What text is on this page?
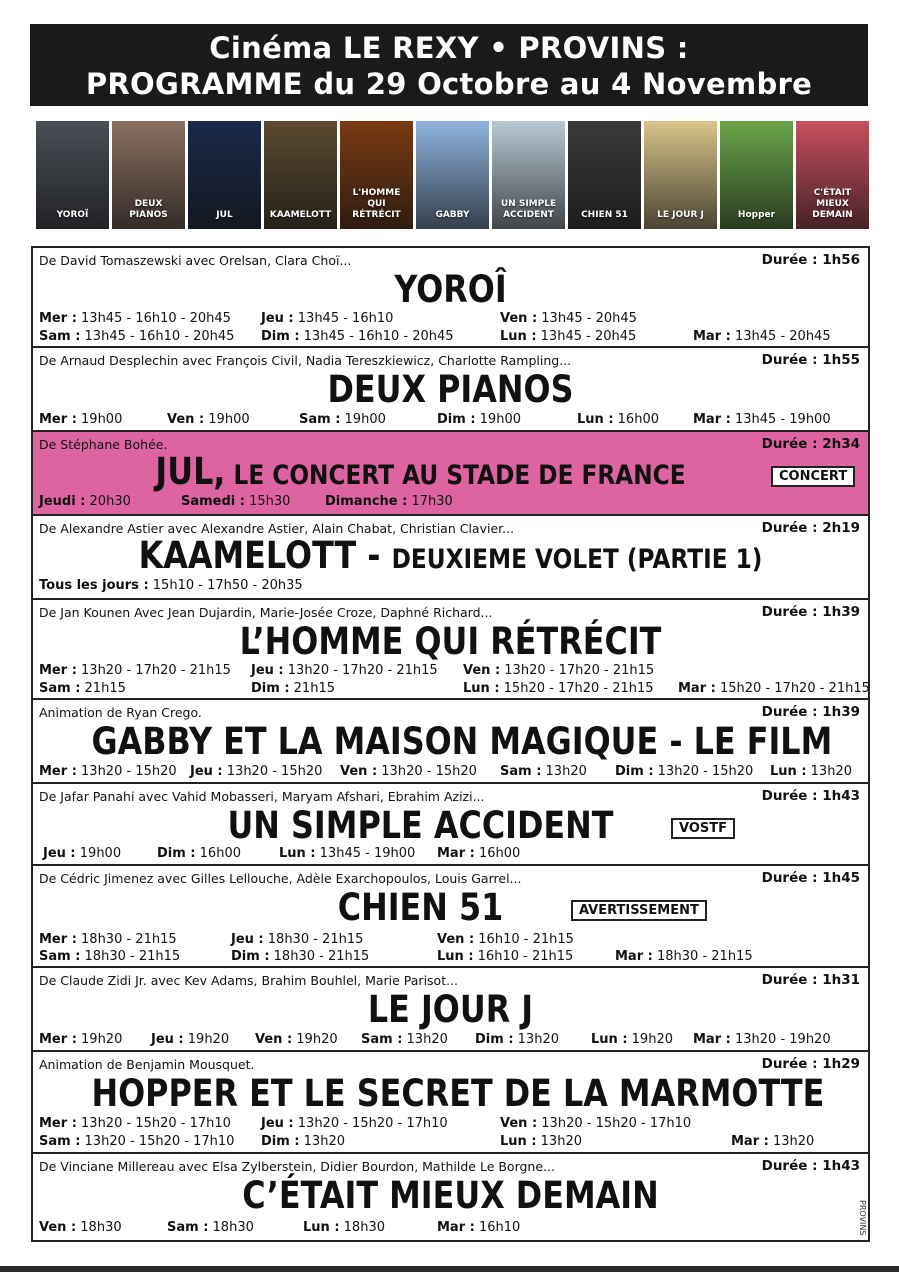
Cinéma LE REXY • PROVINS :
PROGRAMME du 29 Octobre au 4 Novembre
YOROÏ
DEUX PIANOS	JUL	KAAMELOTT
L'HOMME QUI RÉTRÉCIT	GABBY
UN SIMPLE ACCIDENT	CHIEN 51	LE JOUR J	Hopper
C'ÉTAIT MIEUX DEMAIN
De David Tomaszewski avec Orelsan, Clara Choï...	Durée : 1h56
YOROÎ
Mer : 13h45 - 16h10 - 20h45 Jeu : 13h45 - 16h10	Ven : 13h45 - 20h45
Sam : 13h45 - 16h10 - 20h45 Dim : 13h45 - 16h10 - 20h45	Lun : 13h45 - 20h45	Mar : 13h45 - 20h45
De Arnaud Desplechin avec François Civil, Nadia Tereszkiewicz, Charlotte Rampling...	Durée : 1h55
DEUX PIANOS
Mer : 19h00	Ven : 19h00	Sam : 19h00	Dim : 19h00	Lun : 16h00	Mar : 13h45 - 19h00
De Stéphane Bohée.	Durée : 2h34
JUL, LE CONCERT AU STADE DE FRANCE	CONCERT
Jeudi : 20h30	Samedi : 15h30	Dimanche : 17h30
De Alexandre Astier avec Alexandre Astier, Alain Chabat, Christian Clavier...	Durée : 2h19
KAAMELOTT - DEUXIEME VOLET (PARTIE 1)
Tous les jours : 15h10 - 17h50 - 20h35
De Jan Kounen Avec Jean Dujardin, Marie-Josée Croze, Daphné Richard...	Durée : 1h39
L’HOMME QUI RÉTRÉCIT
Mer : 13h20 - 17h20 - 21h15 Jeu : 13h20 - 17h20 - 21h15 Ven : 13h20 - 17h20 - 21h15
Sam : 21h15	Dim : 21h15	Lun : 15h20 - 17h20 - 21h15 Mar : 15h20 - 17h20 - 21h15
Animation de Ryan Crego.	Durée : 1h39
GABBY ET LA MAISON MAGIQUE - LE FILM
Mer : 13h20 - 15h20 Jeu : 13h20 - 15h20 Ven : 13h20 - 15h20 Sam : 13h20 Dim : 13h20 - 15h20 Lun : 13h20
De Jafar Panahi avec Vahid Mobasseri, Maryam Afshari, Ebrahim Azizi...	Durée : 1h43
UN SIMPLE ACCIDENT	VOSTF
Jeu : 19h00	Dim : 16h00	Lun : 13h45 - 19h00 Mar : 16h00
De Cédric Jimenez avec Gilles Lellouche, Adèle Exarchopoulos, Louis Garrel...	Durée : 1h45
CHIEN 51	AVERTISSEMENT
Mer : 18h30 - 21h15	Jeu : 18h30 - 21h15	Ven : 16h10 - 21h15
Sam : 18h30 - 21h15	Dim : 18h30 - 21h15	Lun : 16h10 - 21h15	Mar : 18h30 - 21h15
De Claude Zidi Jr. avec Kev Adams, Brahim Bouhlel, Marie Parisot...	Durée : 1h31
LE JOUR J
Mer : 19h20 Jeu : 19h20 Ven : 19h20 Sam : 13h20 Dim : 13h20 Lun : 19h20 Mar : 13h20 - 19h20
Animation de Benjamin Mousquet.	Durée : 1h29
HOPPER ET LE SECRET DE LA MARMOTTE
Mer : 13h20 - 15h20 - 17h10 Jeu : 13h20 - 15h20 - 17h10	Ven : 13h20 - 15h20 - 17h10
Sam : 13h20 - 15h20 - 17h10 Dim : 13h20	Lun : 13h20	Mar : 13h20
De Vinciane Millereau avec Elsa Zylberstein, Didier Bourdon, Mathilde Le Borgne...	Durée : 1h43
C’ÉTAIT MIEUX DEMAIN
Ven : 18h30	Sam : 18h30	Lun : 18h30	Mar : 16h10	PROVINS
